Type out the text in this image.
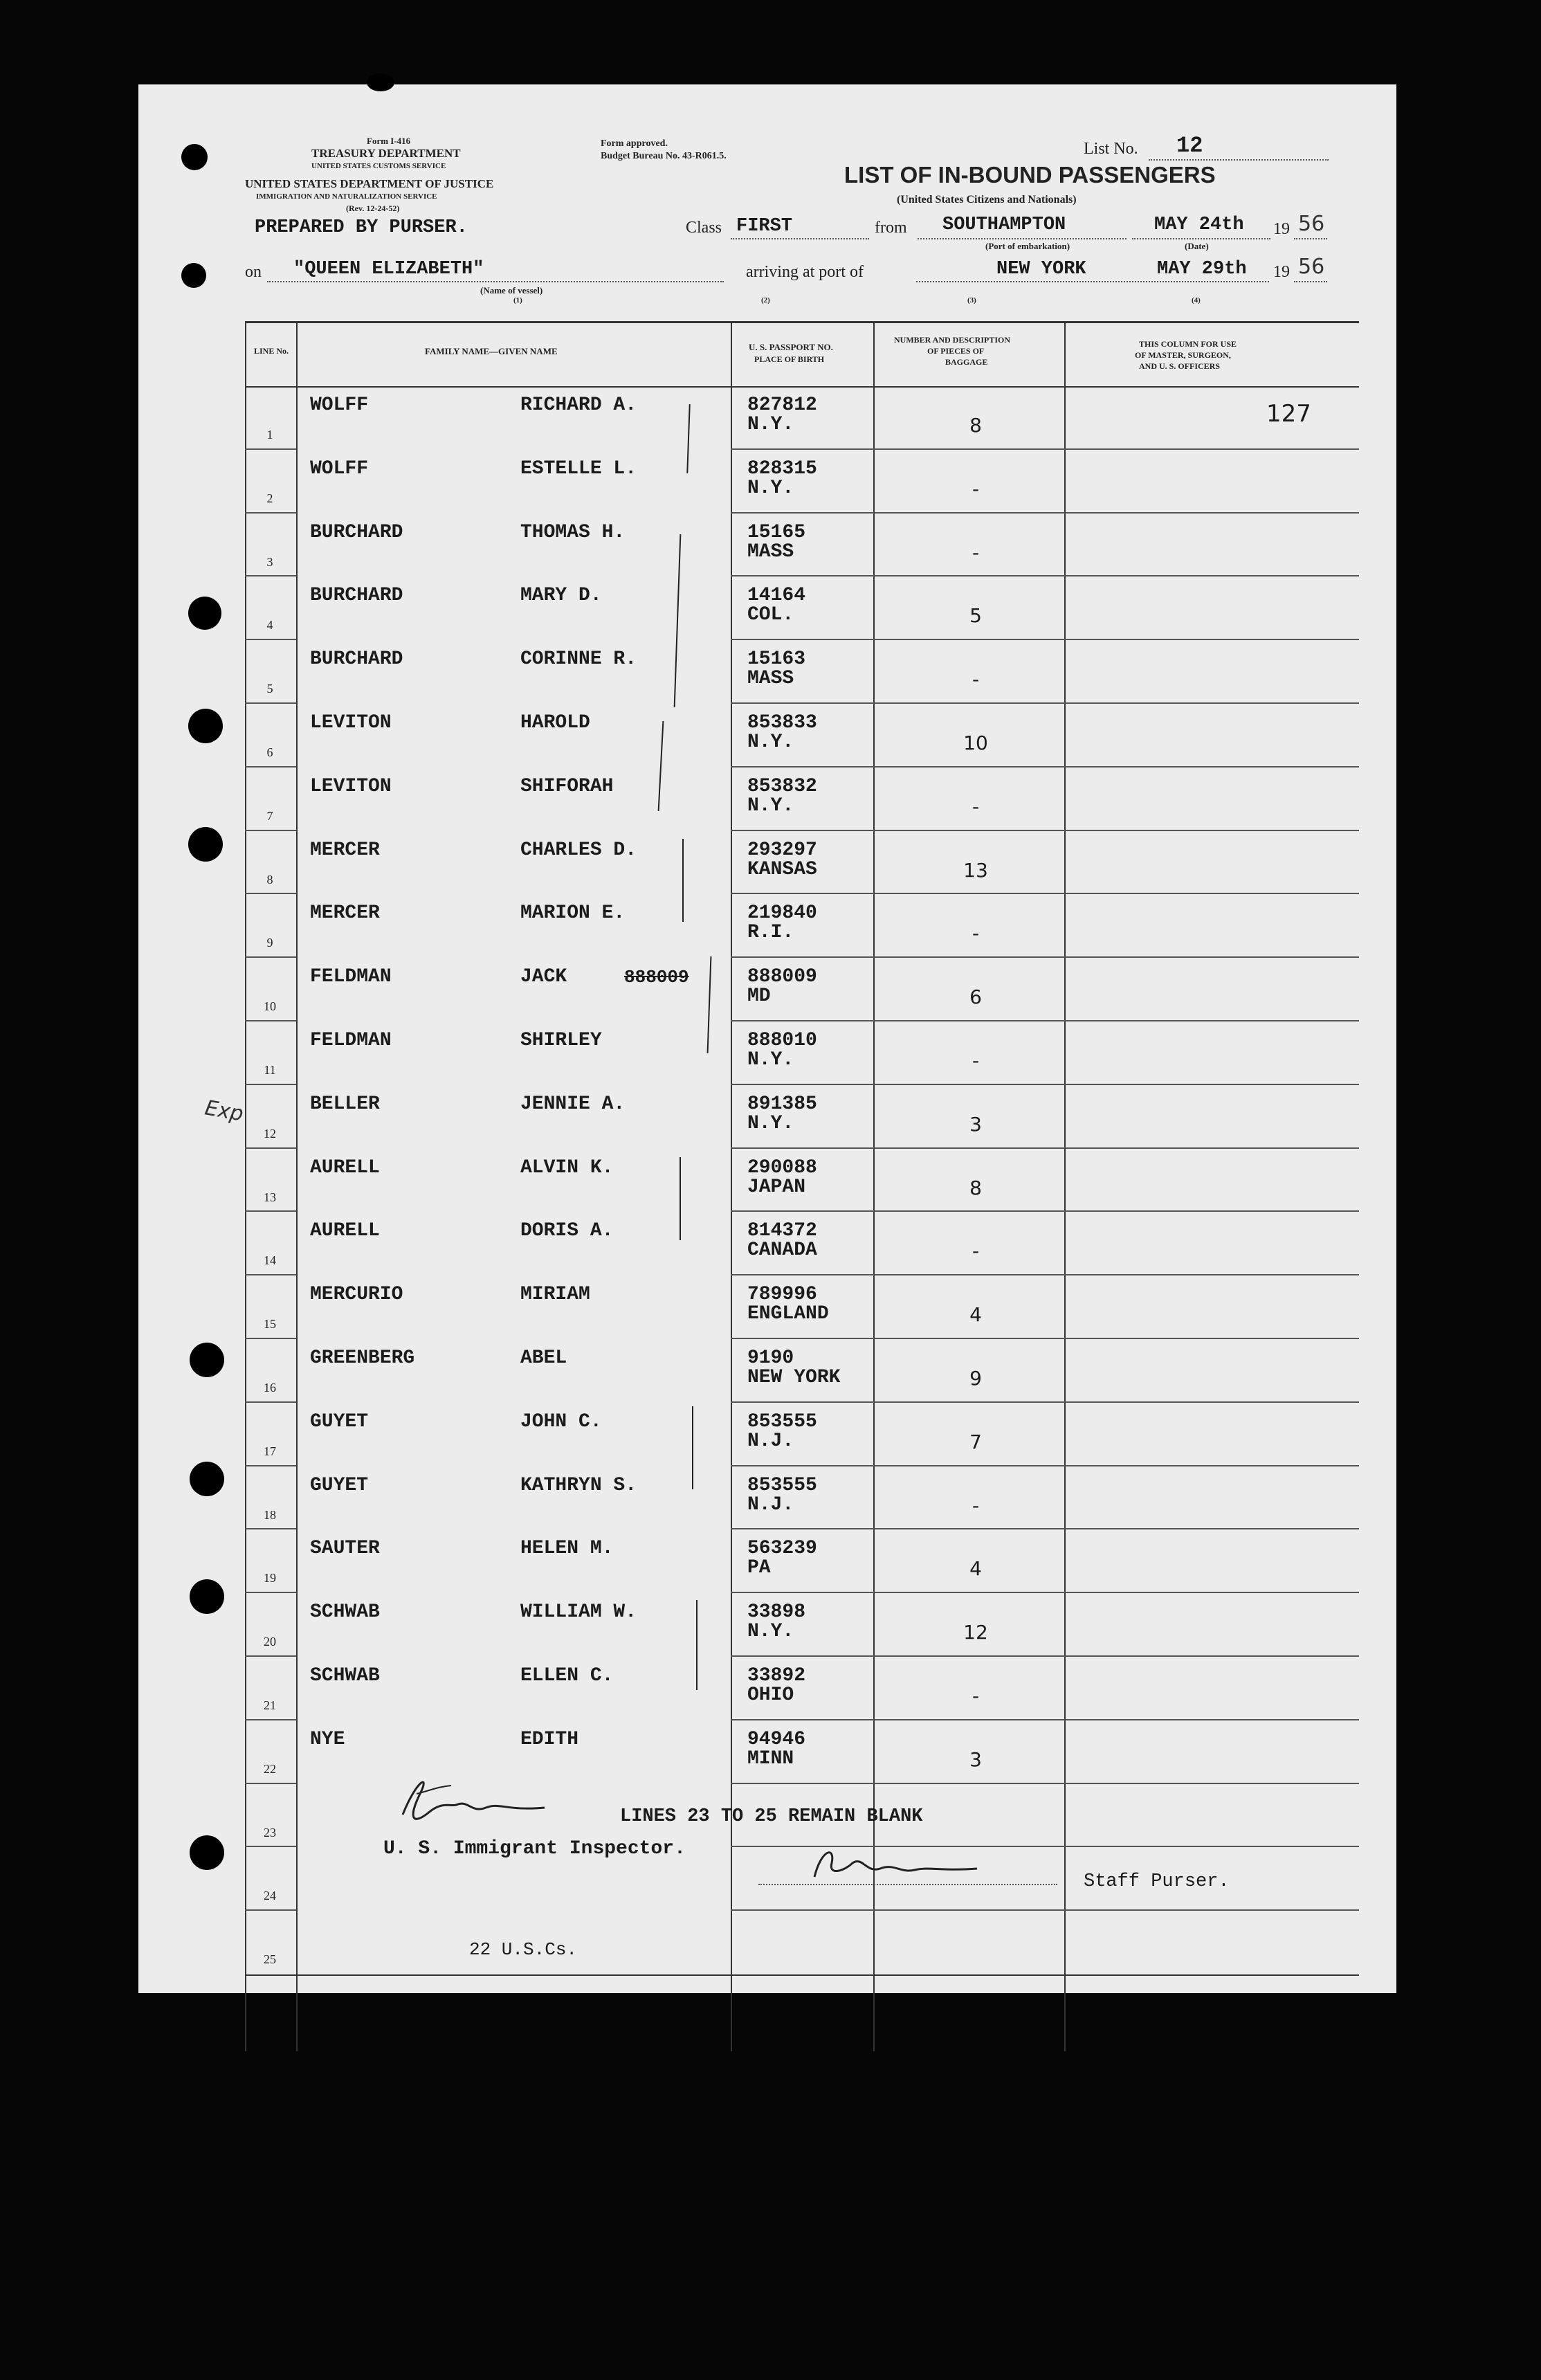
Form I-416
TREASURY DEPARTMENT
UNITED STATES CUSTOMS SERVICE
UNITED STATES DEPARTMENT OF JUSTICE
IMMIGRATION AND NATURALIZATION SERVICE
(Rev. 12-24-52)
Form approved.
Budget Bureau No. 43-R061.5.	List No. 12
LIST OF IN-BOUND PASSENGERS
(United States Citizens and Nationals)
PREPARED BY PURSER.	Class FIRST	from SOUTHAMPTON
(Port of embarkation)
MAY 24th
(Date)
19 56
on "QUEEN ELIZABETH"
(Name of vessel)
(1)
arriving at port of
(2)
NEW YORK
(3)
MAY 29th
(4)
19 56
LINE No.	FAMILY NAME—GIVEN NAME	U. S. PASSPORT NO.
PLACE OF BIRTH
NUMBER AND DESCRIPTION
OF PIECES OF
BAGGAGE
THIS COLUMN FOR USE
OF MASTER, SURGEON,
AND U. S. OFFICERS
1
WOLFF	RICHARD A.	827812
N.Y.	8	127
2
WOLFF	ESTELLE L.	828315
N.Y.	-
3
BURCHARD	THOMAS H.	15165
MASS	-
4
BURCHARD	MARY D.	14164
COL.	5
5
BURCHARD	CORINNE R.	15163
MASS	-
6
LEVITON	HAROLD	853833
N.Y.	10
7
LEVITON	SHIFORAH	853832
N.Y.	-
8
MERCER	CHARLES D.	293297
KANSAS	13
9
MERCER	MARION E.	219840
R.I.	-
10
FELDMAN	JACK	888009
MD	6
11
FELDMAN	SHIRLEY	888010
N.Y.	-
12
BELLER	JENNIE A.	891385
N.Y.	3
13
AURELL	ALVIN K.	290088
JAPAN	8
14
AURELL	DORIS A.	814372
CANADA	-
15
MERCURIO	MIRIAM	789996
ENGLAND	4
16
GREENBERG	ABEL	9190
NEW YORK	9
17
GUYET	JOHN C.	853555
N.J.	7
18
GUYET	KATHRYN S.	853555
N.J.	-
19
SAUTER	HELEN M.	563239
PA	4
20
SCHWAB	WILLIAM W.	33898
N.Y.	12
21
SCHWAB	ELLEN C.	33892
OHIO	-
22
NYE	EDITH	94946
MINN	3
23
24
25
888009
LINES 23 TO 25 REMAIN BLANK
U. S. Immigrant Inspector.
Staff Purser.
22 U.S.Cs.
Exp
